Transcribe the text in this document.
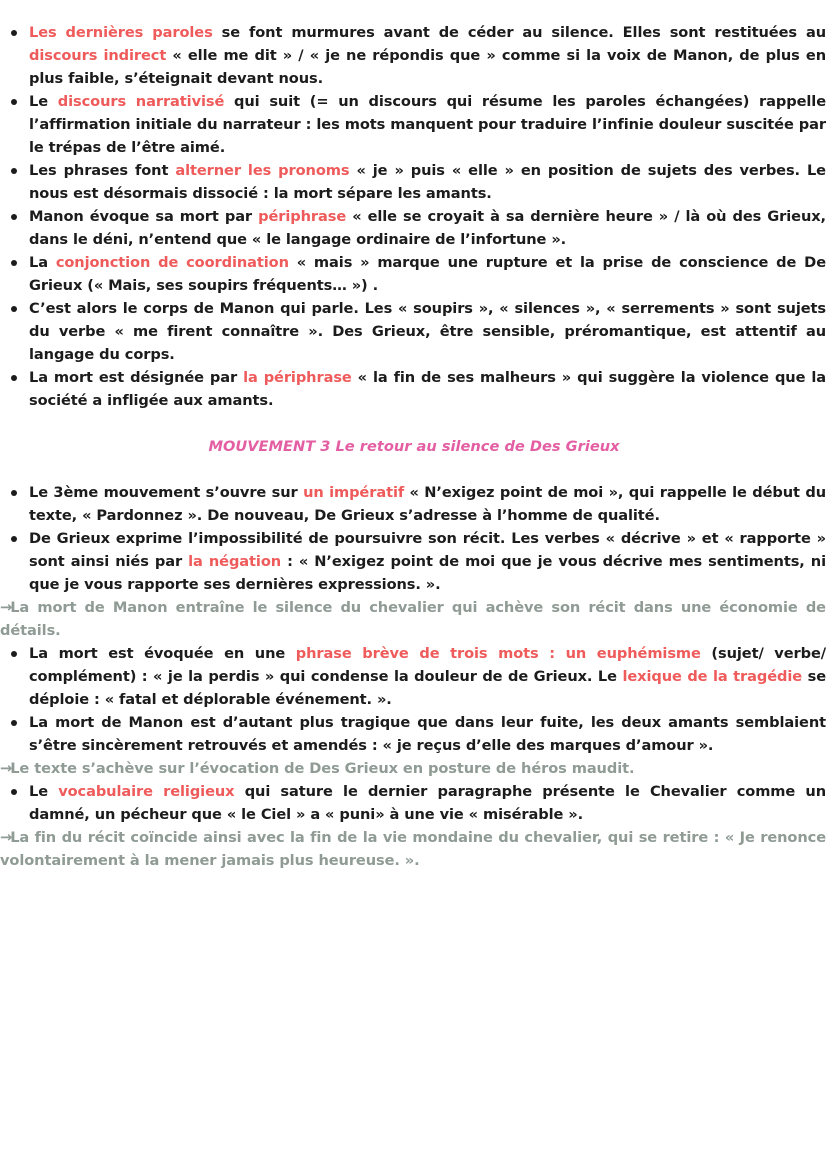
Les dernières paroles se font murmures avant de céder au silence. Elles sont restituées au discours indirect « elle me dit » / « je ne répondis que » comme si la voix de Manon, de plus en plus faible, s’éteignait devant nous.
Le discours narrativisé qui suit (= un discours qui résume les paroles échangées) rappelle l’affirmation initiale du narrateur : les mots manquent pour traduire l’infinie douleur suscitée par le trépas de l’être aimé.
Les phrases font alterner les pronoms « je » puis « elle » en position de sujets des verbes. Le nous est désormais dissocié : la mort sépare les amants.
Manon évoque sa mort par périphrase « elle se croyait à sa dernière heure » / là où des Grieux, dans le déni, n’entend que « le langage ordinaire de l’infortune ».
La conjonction de coordination « mais » marque une rupture et la prise de conscience de De Grieux (« Mais, ses soupirs fréquents… ») .
C’est alors le corps de Manon qui parle. Les « soupirs », « silences », « serrements » sont sujets du verbe « me firent connaître ». Des Grieux, être sensible, préromantique, est attentif au langage du corps.
La mort est désignée par la périphrase « la fin de ses malheurs » qui suggère la violence que la société a infligée aux amants.
MOUVEMENT 3 Le retour au silence de Des Grieux
Le 3ème mouvement s’ouvre sur un impératif « N’exigez point de moi », qui rappelle le début du texte, « Pardonnez ». De nouveau, De Grieux s’adresse à l’homme de qualité.
De Grieux exprime l’impossibilité de poursuivre son récit. Les verbes « décrive » et « rapporte » sont ainsi niés par la négation : « N’exigez point de moi que je vous décrive mes sentiments, ni que je vous rapporte ses dernières expressions. ».
→La mort de Manon entraîne le silence du chevalier qui achève son récit dans une économie de détails.
La mort est évoquée en une phrase brève de trois mots : un euphémisme (sujet/ verbe/ complément) : « je la perdis » qui condense la douleur de de Grieux. Le lexique de la tragédie se déploie : « fatal et déplorable événement. ».
La mort de Manon est d’autant plus tragique que dans leur fuite, les deux amants semblaient s’être sincèrement retrouvés et amendés : « je reçus d’elle des marques d’amour ».
→Le texte s’achève sur l’évocation de Des Grieux en posture de héros maudit.
Le vocabulaire religieux qui sature le dernier paragraphe présente le Chevalier comme un damné, un pécheur que « le Ciel » a « puni» à une vie « misérable ».
→La fin du récit coïncide ainsi avec la fin de la vie mondaine du chevalier, qui se retire : « Je renonce volontairement à la mener jamais plus heureuse. ».
